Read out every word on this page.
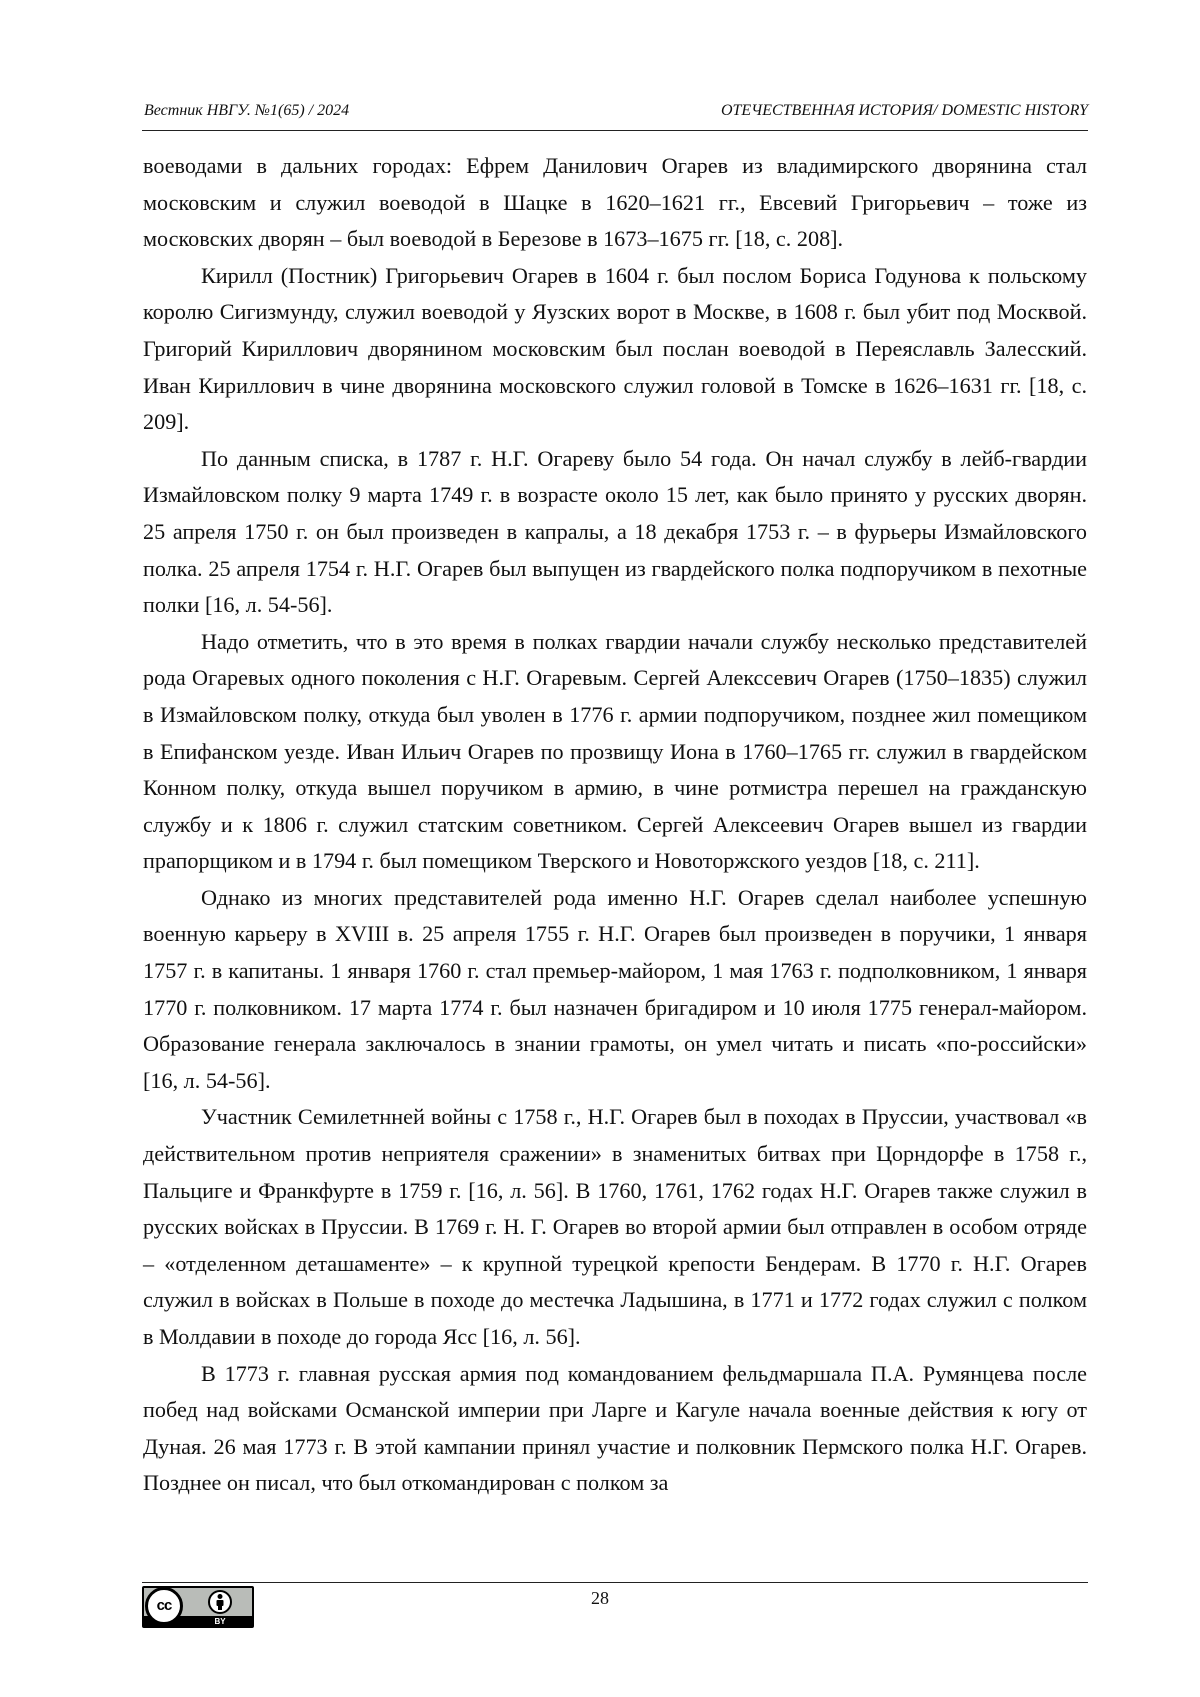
Вестник НВГУ. №1(65) / 2024	ОТЕЧЕСТВЕННАЯ ИСТОРИЯ/ DOMESTIC HISTORY

воеводами в дальних городах: Ефрем Данилович Огарев из владимирского дворянина стал московским и служил воеводой в Шацке в 1620–1621 гг., Евсевий Григорьевич – тоже из московских дворян – был воеводой в Березове в 1673–1675 гг. [18, с. 208].

Кирилл (Постник) Григорьевич Огарев в 1604 г. был послом Бориса Годунова к польскому королю Сигизмунду, служил воеводой у Яузских ворот в Москве, в 1608 г. был убит под Москвой. Григорий Кириллович дворянином московским был послан воеводой в Переяславль Залесский. Иван Кириллович в чине дворянина московского служил головой в Томске в 1626–1631 гг. [18, с. 209].

По данным списка, в 1787 г. Н.Г. Огареву было 54 года. Он начал службу в лейб-гвардии Измайловском полку 9 марта 1749 г. в возрасте около 15 лет, как было принято у русских дворян. 25 апреля 1750 г. он был произведен в капралы, а 18 декабря 1753 г. – в фурьеры Измайловского полка. 25 апреля 1754 г. Н.Г. Огарев был выпущен из гвардейского полка подпоручиком в пехотные полки [16, л. 54-56].

Надо отметить, что в это время в полках гвардии начали службу несколько представителей рода Огаревых одного поколения с Н.Г. Огаревым. Сергей Алекссевич Огарев (1750–1835) служил в Измайловском полку, откуда был уволен в 1776 г. армии подпоручиком, позднее жил помещиком в Епифанском уезде. Иван Ильич Огарев по прозвищу Иона в 1760–1765 гг. служил в гвардейском Конном полку, откуда вышел поручиком в армию, в чине ротмистра перешел на гражданскую службу и к 1806 г. служил статским советником. Сергей Алексеевич Огарев вышел из гвардии прапорщиком и в 1794 г. был помещиком Тверского и Новоторжского уездов [18, с. 211].

Однако из многих представителей рода именно Н.Г. Огарев сделал наиболее успешную военную карьеру в XVIII в. 25 апреля 1755 г. Н.Г. Огарев был произведен в поручики, 1 января 1757 г. в капитаны. 1 января 1760 г. стал премьер-майором, 1 мая 1763 г. подполковником, 1 января 1770 г. полковником. 17 марта 1774 г. был назначен бригадиром и 10 июля 1775 генерал-майором. Образование генерала заключалось в знании грамоты, он умел читать и писать «по-российски» [16, л. 54-56].

Участник Семилетнней войны с 1758 г., Н.Г. Огарев был в походах в Пруссии, участвовал «в действительном против неприятеля сражении» в знаменитых битвах при Цорндорфе в 1758 г., Пальциге и Франкфурте в 1759 г. [16, л. 56]. В 1760, 1761, 1762 годах Н.Г. Огарев также служил в русских войсках в Пруссии. В 1769 г. Н. Г. Огарев во второй армии был отправлен в особом отряде – «отделенном деташаменте» – к крупной турецкой крепости Бендерам. В 1770 г. Н.Г. Огарев служил в войсках в Польше в походе до местечка Ладышина, в 1771 и 1772 годах служил с полком в Молдавии в походе до города Ясс [16, л. 56].

В 1773 г. главная русская армия под командованием фельдмаршала П.А. Румянцева после побед над войсками Османской империи при Ларге и Кагуле начала военные действия к югу от Дуная. 26 мая 1773 г. В этой кампании принял участие и полковник Пермского полка Н.Г. Огарев. Позднее он писал, что был откомандирован с полком за

cc
BY
28
